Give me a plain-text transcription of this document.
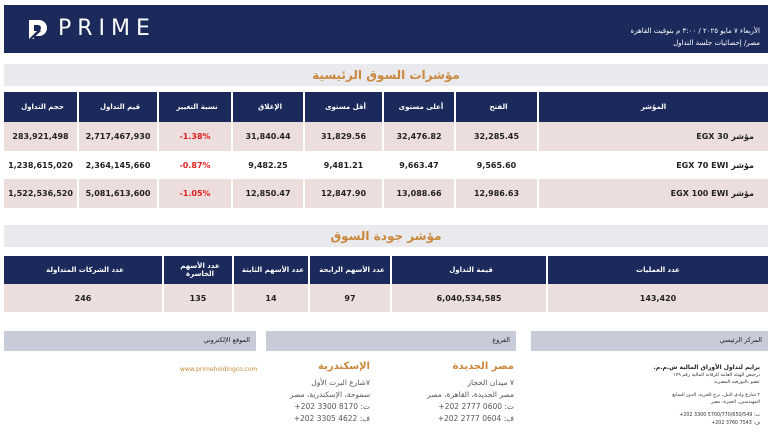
PRIME	الأربعاء ٧ مايو ٢٠٢٥ / ٣:٠٠ م بتوقيت القاهرة
مصر/ إحصائيات جلسة التداول
مؤشرات السوق الرئيسية
حجم التداول	قيم التداول	نسبة التغيير	الإغلاق	أقل مستوى	أعلى مستوى	الفتح	المؤشر
283,921,498	2,717,467,930	-1.38%	31,840.44	31,829.56	32,476.82	32,285.45	EGX 30 مؤشر
1,238,615,020	2,364,145,660	-0.87%	9,482.25	9,481.21	9,663.47	9,565.60	EGX 70 EWI مؤشر
1,522,536,520	5,081,613,600	-1.05%	12,850.47	12,847.90	13,088.66	12,986.63	EGX 100 EWI مؤشر
مؤشر جودة السوق
عدد الشركات المتداولة	عدد الأسهم الخاسرة	عدد الأسهم الثابتة	عدد الأسهم الرابحة	قيمة التداول	عدد العمليات
246	135	14	97	6,040,534,585	143,420
الموقع الإلكتروني	الفروع	المركز الرئيسي
www.primeholdingco.com	الإسكندرية
٧شارع البرت الأول
سموحة، الإسكندرية، مصر
ت: 8170 3300 202+
ف: 4622 3305 202+
مصر الجديدة
٧ ميدان الحجاز
مصر الجديدة، القاهرة، مصر
ت: 0600 2777 202+
ف: 0604 2777 202+
برايم لتداول الأوراق المالية ش.م.م.
ترخيص الهيئة العامة للرقابة المالية رقم ١٧٩
عضو بالبورصة المصرية
٢ شارع وادي النيل، برج الحرية، الدور السابع
المهندسين، الجيزة، مصر
ت: 5700/770/650/549 3300 202+
ف: 7543 3760 202+
